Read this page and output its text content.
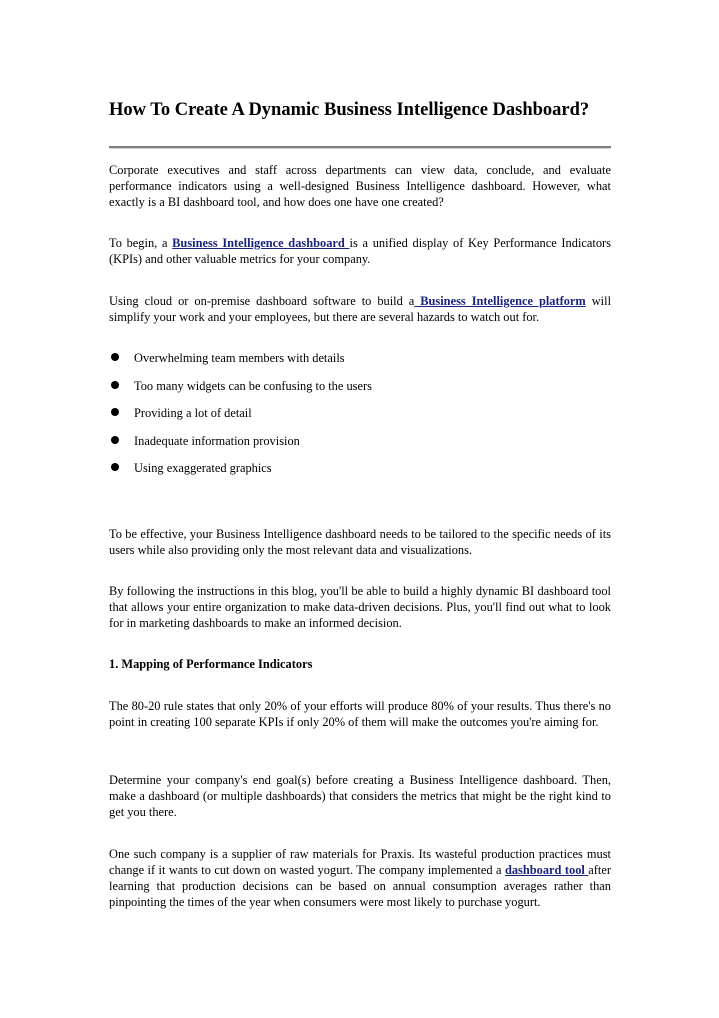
How To Create A Dynamic Business Intelligence Dashboard?

Corporate executives and staff across departments can view data, conclude, and evaluate performance indicators using a well-designed Business Intelligence dashboard. However, what exactly is a BI dashboard tool, and how does one have one created?

To begin, a Business Intelligence dashboard is a unified display of Key Performance Indicators (KPIs) and other valuable metrics for your company.

Using cloud or on-premise dashboard software to build a Business Intelligence platform will simplify your work and your employees, but there are several hazards to watch out for.

Overwhelming team members with details
Too many widgets can be confusing to the users
Providing a lot of detail
Inadequate information provision
Using exaggerated graphics

To be effective, your Business Intelligence dashboard needs to be tailored to the specific needs of its users while also providing only the most relevant data and visualizations.

By following the instructions in this blog, you'll be able to build a highly dynamic BI dashboard tool that allows your entire organization to make data-driven decisions. Plus, you'll find out what to look for in marketing dashboards to make an informed decision.

1. Mapping of Performance Indicators

The 80-20 rule states that only 20% of your efforts will produce 80% of your results. Thus there's no point in creating 100 separate KPIs if only 20% of them will make the outcomes you're aiming for.

Determine your company's end goal(s) before creating a Business Intelligence dashboard. Then, make a dashboard (or multiple dashboards) that considers the metrics that might be the right kind to get you there.

One such company is a supplier of raw materials for Praxis. Its wasteful production practices must change if it wants to cut down on wasted yogurt. The company implemented a dashboard tool after learning that production decisions can be based on annual consumption averages rather than pinpointing the times of the year when consumers were most likely to purchase yogurt.
